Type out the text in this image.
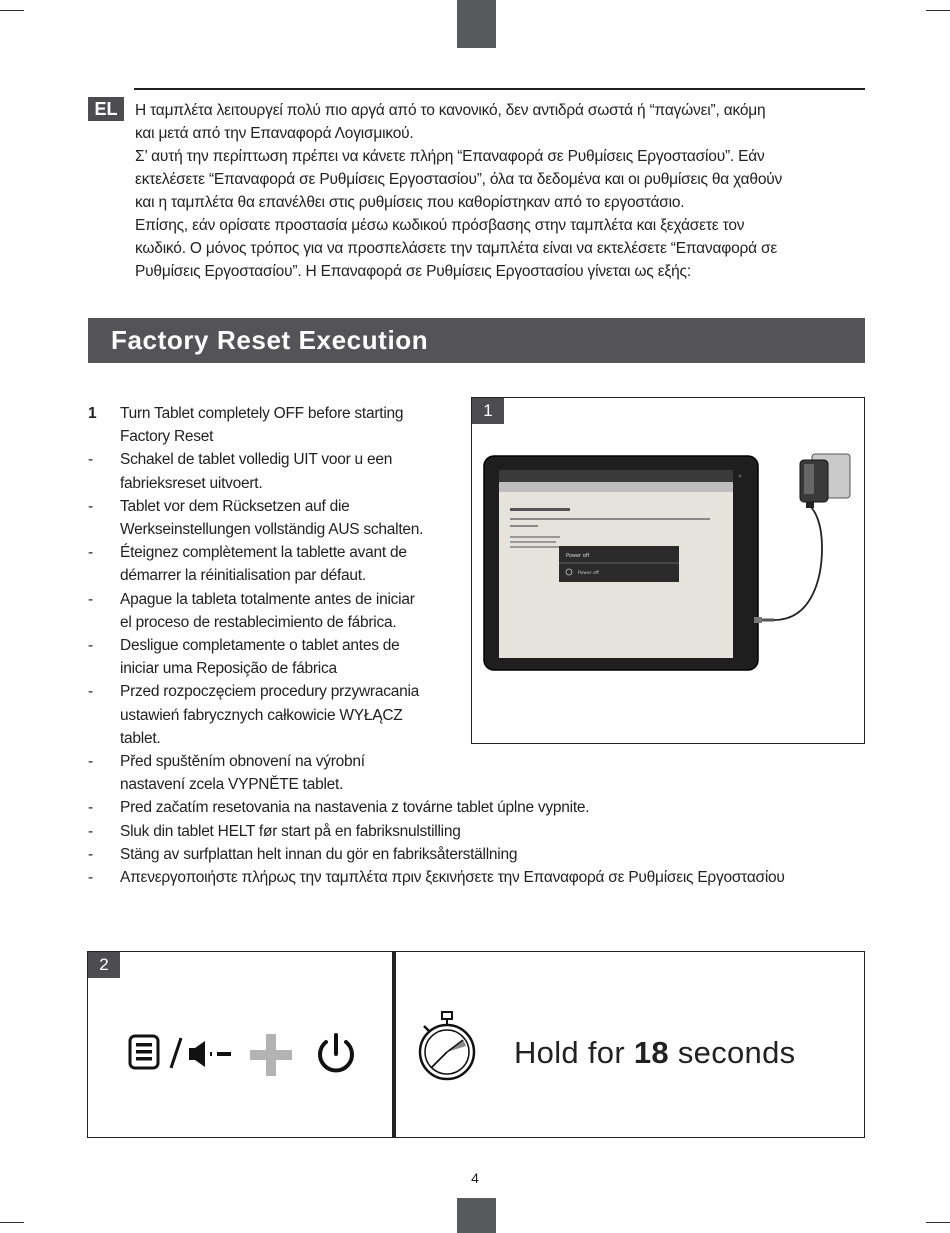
EL	Η ταμπλέτα λειτουργεί πολύ πιο αργά από το κανονικό, δεν αντιδρά σωστά ή “παγώνει”, ακόμη

και μετά από την Επαναφορά Λογισμικού.

Σ’ αυτή την περίπτωση πρέπει να κάνετε πλήρη “Επαναφορά σε Ρυθμίσεις Εργοστασίου”. Εάν

εκτελέσετε “Επαναφορά σε Ρυθμίσεις Εργοστασίου”, όλα τα δεδομένα και οι ρυθμίσεις θα χαθούν

και η ταμπλέτα θα επανέλθει στις ρυθμίσεις που καθορίστηκαν από το εργοστάσιο.

Επίσης, εάν ορίσατε προστασία μέσω κωδικού πρόσβασης στην ταμπλέτα και ξεχάσετε τον

κωδικό. Ο μόνος τρόπος για να προσπελάσετε την ταμπλέτα είναι να εκτελέσετε “Επαναφορά σε

Ρυθμίσεις Εργοστασίου”. Η Επαναφορά σε Ρυθμίσεις Εργοστασίου γίνεται ως εξής:

Factory Reset Execution
1	Turn Tablet completely OFF before starting
Factory Reset
-	Schakel de tablet volledig UIT voor u een
fabrieksreset uitvoert.
-	Tablet vor dem Rücksetzen auf die
Werkseinstellungen vollständig AUS schalten.
-	Éteignez complètement la tablette avant de
démarrer la réinitialisation par défaut.
-	Apague la tableta totalmente antes de iniciar
el proceso de restablecimiento de fábrica.
-	Desligue completamente o tablet antes de
iniciar uma Reposição de fábrica
-	Przed rozpoczęciem procedury przywracania
ustawień fabrycznych całkowicie WYŁĄCZ
tablet.
-	Před spuštěním obnovení na výrobní
nastavení zcela VYPNĚTE tablet.
-	Pred začatím resetovania na nastavenia z továrne tablet úplne vypnite.
-	Sluk din tablet HELT før start på en fabriksnulstilling
-	Stäng av surfplattan helt innan du gör en fabriksåterställning
-	Απενεργοποιήστε πλήρως την ταμπλέτα πριν ξεκινήσετε την Επαναφορά σε Ρυθμίσεις Εργοστασίου
1
Power off
Power off
2
Hold for 18 seconds
4
